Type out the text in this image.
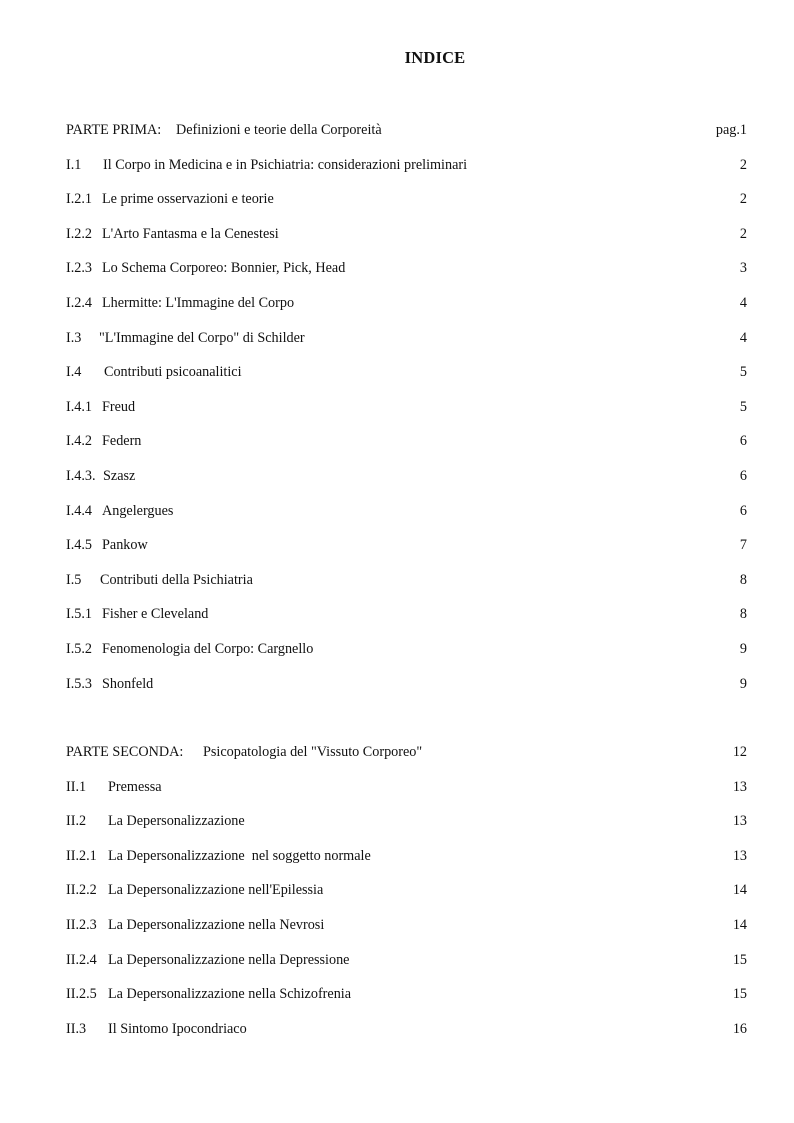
INDICE
PARTE PRIMA: Definizioni e teorie della Corporeità	pag.1
I.1 Il Corpo in Medicina e in Psichiatria: considerazioni preliminari	2
I.2.1 Le prime osservazioni e teorie	2
I.2.2 L'Arto Fantasma e la Cenestesi	2
I.2.3 Lo Schema Corporeo: Bonnier, Pick, Head	3
I.2.4 Lhermitte: L'Immagine del Corpo	4
I.3 "L'Immagine del Corpo" di Schilder	4
I.4 Contributi psicoanalitici	5
I.4.1 Freud	5
I.4.2 Federn	6
I.4.3. Szasz	6
I.4.4 Angelergues	6
I.4.5 Pankow	7
I.5 Contributi della Psichiatria	8
I.5.1 Fisher e Cleveland	8
I.5.2 Fenomenologia del Corpo: Cargnello	9
I.5.3 Shonfeld	9
PARTE SECONDA: Psicopatologia del "Vissuto Corporeo"	12
II.1 Premessa	13
II.2 La Depersonalizzazione	13
II.2.1 La Depersonalizzazione  nel soggetto normale	13
II.2.2 La Depersonalizzazione nell'Epilessia	14
II.2.3 La Depersonalizzazione nella Nevrosi	14
II.2.4 La Depersonalizzazione nella Depressione	15
II.2.5 La Depersonalizzazione nella Schizofrenia	15
II.3 Il Sintomo Ipocondriaco	16
